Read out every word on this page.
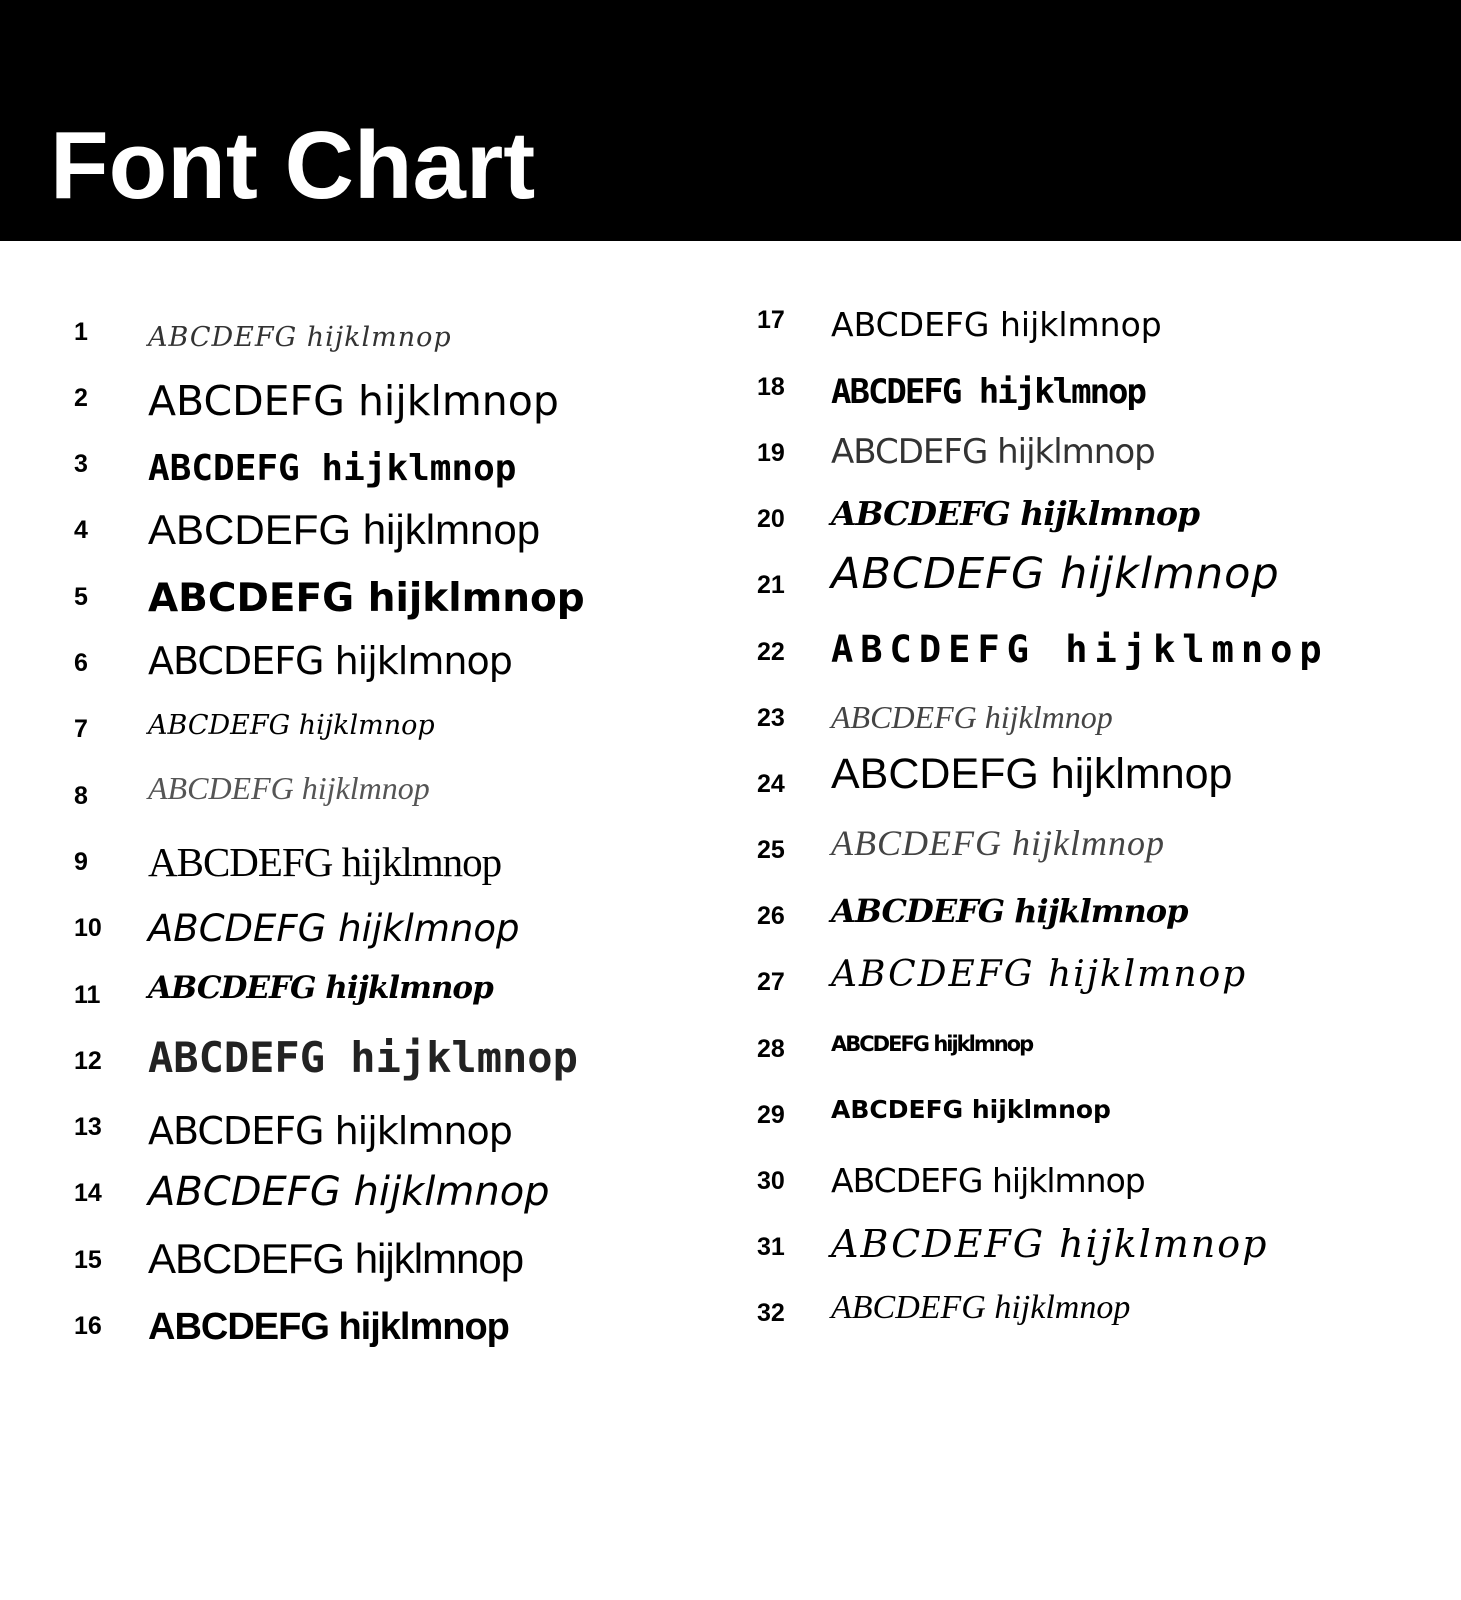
Font Chart
1 ABCDEFG hijklmnop
2 ABCDEFG hijklmnop
3 ABCDEFG hijklmnop
4 ABCDEFG hijklmnop
5 ABCDEFG hijklmnop
6 ABCDEFG hijklmnop
7 ABCDEFG hijklmnop
8 ABCDEFG hijklmnop
9 ABCDEFG hijklmnop
10 ABCDEFG hijklmnop
11 ABCDEFG hijklmnop
12 ABCDEFG hijklmnop
13 ABCDEFG hijklmnop
14 ABCDEFG hijklmnop
15 ABCDEFG hijklmnop
16 ABCDEFG hijklmnop
17 ABCDEFG hijklmnop
18 ABCDEFG hijklmnop
19 ABCDEFG hijklmnop
20 ABCDEFG hijklmnop
21 ABCDEFG hijklmnop
22 ABCDEFG hijklmnop
23 ABCDEFG hijklmnop
24 ABCDEFG hijklmnop
25 ABCDEFG hijklmnop
26 ABCDEFG hijklmnop
27 ABCDEFG hijklmnop
28 ABCDEFG hijklmnop
29 ABCDEFG hijklmnop
30 ABCDEFG hijklmnop
31 ABCDEFG hijklmnop
32 ABCDEFG hijklmnop
